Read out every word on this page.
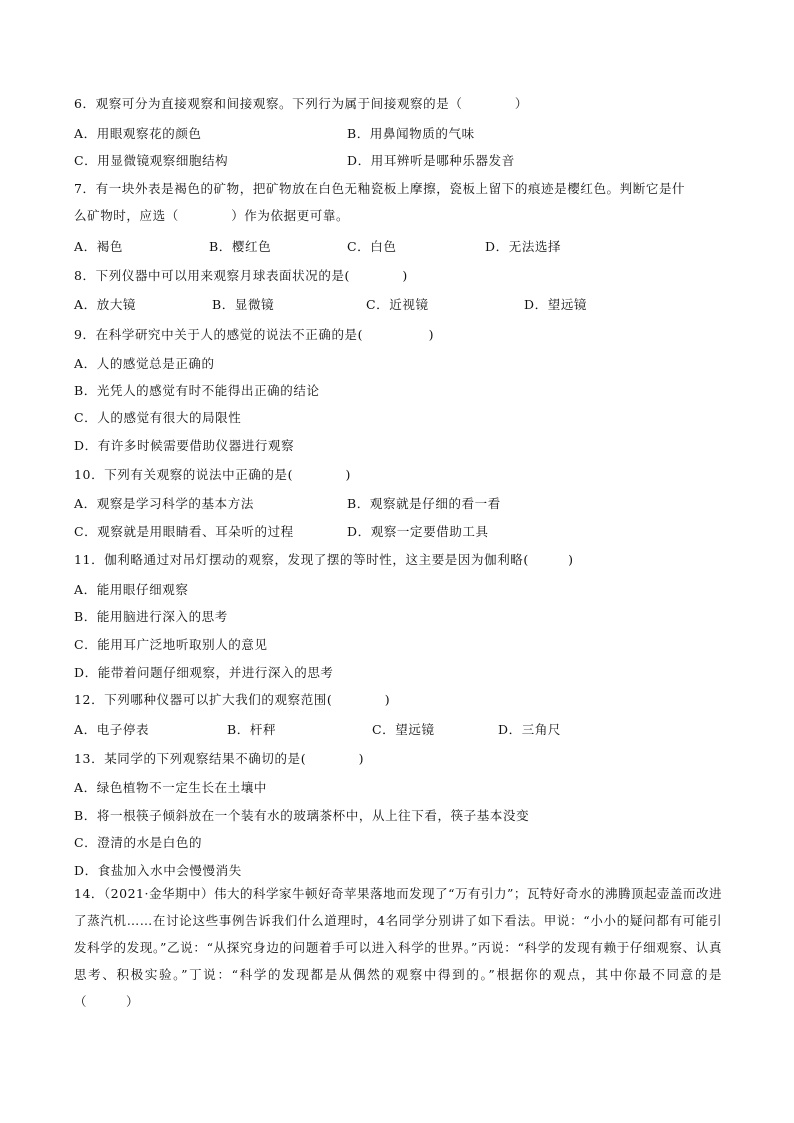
6．观察可分为直接观察和间接观察。下列行为属于间接观察的是（　　　　）
A．用眼观察花的颜色	B．用鼻闻物质的气味
C．用显微镜观察细胞结构	D．用耳辨听是哪种乐器发音
7．有一块外表是褐色的矿物，把矿物放在白色无釉瓷板上摩擦，瓷板上留下的痕迹是樱红色。判断它是什
么矿物时，应选（　　　　）作为依据更可靠。
A．褐色	B．樱红色	C．白色	D．无法选择
8．下列仪器中可以用来观察月球表面状况的是(　　　　)
A．放大镜	B．显微镜	C．近视镜	D．望远镜
9．在科学研究中关于人的感觉的说法不正确的是(　　　　　)
A．人的感觉总是正确的
B．光凭人的感觉有时不能得出正确的结论
C．人的感觉有很大的局限性
D．有许多时候需要借助仪器进行观察
10．下列有关观察的说法中正确的是(　　　　)
A．观察是学习科学的基本方法	B．观察就是仔细的看一看
C．观察就是用眼睛看、耳朵听的过程	D．观察一定要借助工具
11．伽利略通过对吊灯摆动的观察，发现了摆的等时性，这主要是因为伽利略(　　　)
A．能用眼仔细观察
B．能用脑进行深入的思考
C．能用耳广泛地听取别人的意见
D．能带着问题仔细观察，并进行深入的思考
12．下列哪种仪器可以扩大我们的观察范围(　　　　)
A．电子停表	B．杆秤	C．望远镜	D．三角尺
13．某同学的下列观察结果不确切的是(　　　　)
A．绿色植物不一定生长在土壤中
B．将一根筷子倾斜放在一个装有水的玻璃茶杯中，从上往下看，筷子基本没变
C．澄清的水是白色的
D．食盐加入水中会慢慢消失
14．（2021·金华期中）伟大的科学家牛顿好奇苹果落地而发现了“万有引力”；瓦特好奇水的沸腾顶起壶盖而改进了蒸汽机……在讨论这些事例告诉我们什么道理时，4名同学分别讲了如下看法。甲说：“小小的疑问都有可能引发科学的发现。”乙说：“从探究身边的问题着手可以进入科学的世界。”丙说：“科学的发现有赖于仔细观察、认真思考、积极实验。”丁说：“科学的发现都是从偶然的观察中得到的。”根据你的观点，其中你最不同意的是（　　　）
